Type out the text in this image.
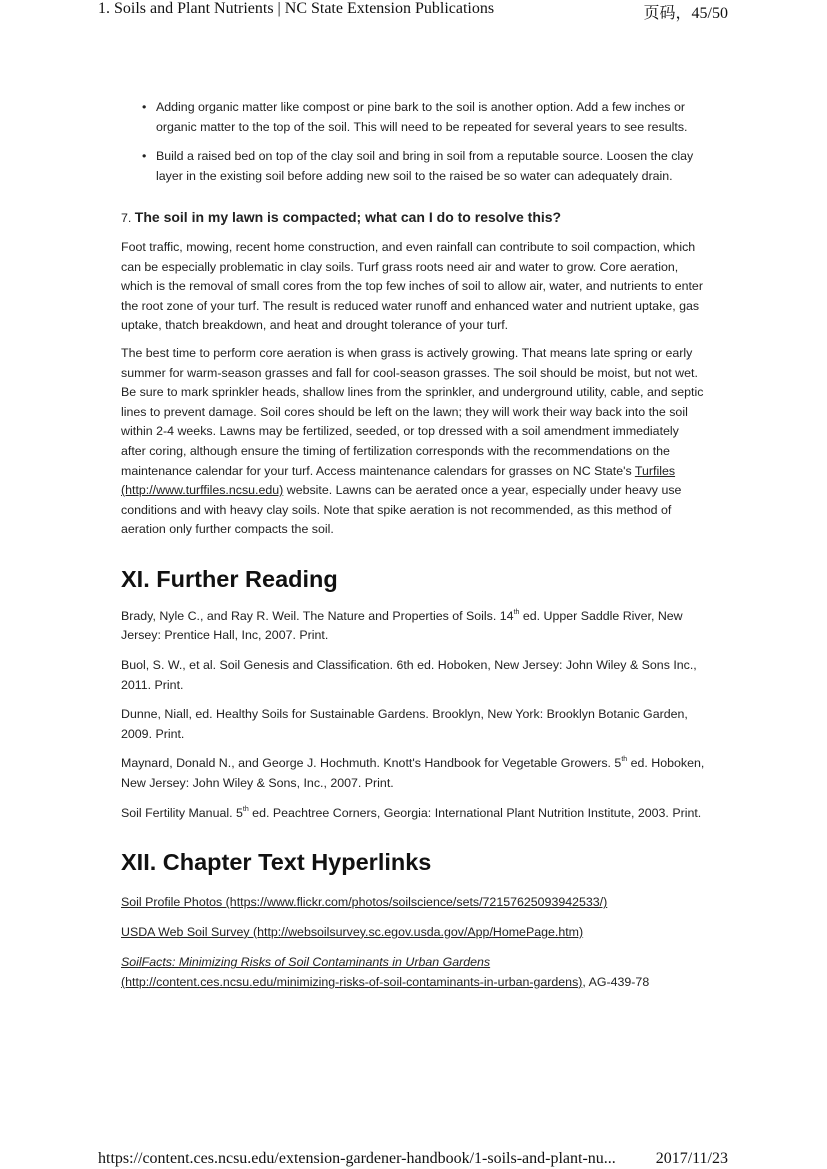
1. Soils and Plant Nutrients | NC State Extension Publications	页码，45/50
• Adding organic matter like compost or pine bark to the soil is another option. Add a few inches or organic matter to the top of the soil. This will need to be repeated for several years to see results.
• Build a raised bed on top of the clay soil and bring in soil from a reputable source. Loosen the clay layer in the existing soil before adding new soil to the raised be so water can adequately drain.
7. The soil in my lawn is compacted; what can I do to resolve this?

Foot traffic, mowing, recent home construction, and even rainfall can contribute to soil compaction, which can be especially problematic in clay soils. Turf grass roots need air and water to grow. Core aeration, which is the removal of small cores from the top few inches of soil to allow air, water, and nutrients to enter the root zone of your turf. The result is reduced water runoff and enhanced water and nutrient uptake, gas uptake, thatch breakdown, and heat and drought tolerance of your turf.

The best time to perform core aeration is when grass is actively growing. That means late spring or early summer for warm-season grasses and fall for cool-season grasses. The soil should be moist, but not wet. Be sure to mark sprinkler heads, shallow lines from the sprinkler, and underground utility, cable, and septic lines to prevent damage. Soil cores should be left on the lawn; they will work their way back into the soil within 2-4 weeks. Lawns may be fertilized, seeded, or top dressed with a soil amendment immediately after coring, although ensure the timing of fertilization corresponds with the recommendations on the maintenance calendar for your turf. Access maintenance calendars for grasses on NC State's Turfiles (http://www.turffiles.ncsu.edu) website. Lawns can be aerated once a year, especially under heavy use conditions and with heavy clay soils. Note that spike aeration is not recommended, as this method of aeration only further compacts the soil.

XI. Further Reading

Brady, Nyle C., and Ray R. Weil. The Nature and Properties of Soils. 14th ed. Upper Saddle River, New Jersey: Prentice Hall, Inc, 2007. Print.

Buol, S. W., et al. Soil Genesis and Classification. 6th ed. Hoboken, New Jersey: John Wiley & Sons Inc., 2011. Print.

Dunne, Niall, ed. Healthy Soils for Sustainable Gardens. Brooklyn, New York: Brooklyn Botanic Garden, 2009. Print.

Maynard, Donald N., and George J. Hochmuth. Knott's Handbook for Vegetable Growers. 5th ed. Hoboken, New Jersey: John Wiley & Sons, Inc., 2007. Print.

Soil Fertility Manual. 5th ed. Peachtree Corners, Georgia: International Plant Nutrition Institute, 2003. Print.

XII. Chapter Text Hyperlinks

Soil Profile Photos (https://www.flickr.com/photos/soilscience/sets/72157625093942533/)

USDA Web Soil Survey (http://websoilsurvey.sc.egov.usda.gov/App/HomePage.htm)

SoilFacts: Minimizing Risks of Soil Contaminants in Urban Gardens
(http://content.ces.ncsu.edu/minimizing-risks-of-soil-contaminants-in-urban-gardens), AG-439-78

https://content.ces.ncsu.edu/extension-gardener-handbook/1-soils-and-plant-nu... 2017/11/23
